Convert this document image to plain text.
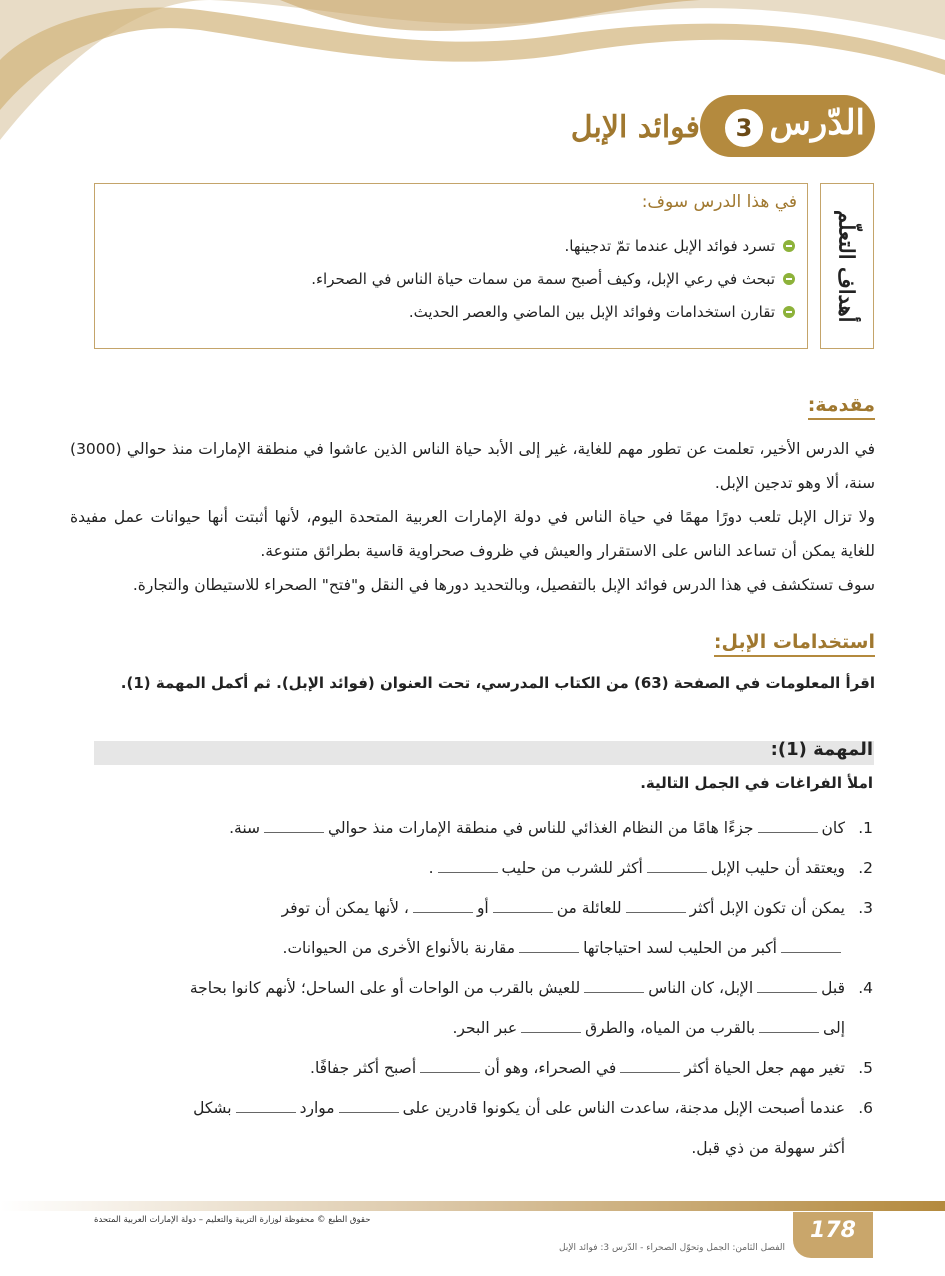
الدّرس
3
فوائد الإبل
أهداف التعلّم
في هذا الدرس سوف:
تسرد فوائد الإبل عندما تمّ تدجينها.
تبحث في رعي الإبل، وكيف أصبح سمة من سمات حياة الناس في الصحراء.
تقارن استخدامات وفوائد الإبل بين الماضي والعصر الحديث.
مقدمة:
في الدرس الأخير، تعلمت عن تطور مهم للغاية، غير إلى الأبد حياة الناس الذين عاشوا في منطقة الإمارات منذ حوالي (3000) سنة، ألا وهو تدجين الإبل.
ولا تزال الإبل تلعب دورًا مهمًا في حياة الناس في دولة الإمارات العربية المتحدة اليوم، لأنها أثبتت أنها حيوانات عمل مفيدة للغاية يمكن أن تساعد الناس على الاستقرار والعيش في ظروف صحراوية قاسية بطرائق متنوعة.
سوف تستكشف في هذا الدرس فوائد الإبل بالتفصيل، وبالتحديد دورها في النقل و"فتح" الصحراء للاستيطان والتجارة.
استخدامات الإبل:
اقرأ المعلومات في الصفحة (63) من الكتاب المدرسي، تحت العنوان (فوائد الإبل). ثم أكمل المهمة (1).
المهمة (1):
املأ الفراغات في الجمل التالية.
1.كانجزءًا هامًا من النظام الغذائي للناس في منطقة الإمارات منذ حواليسنة.
2.ويعتقد أن حليب الإبلأكثر للشرب من حليب.
3.يمكن أن تكون الإبل أكثرللعائلة منأو، لأنها يمكن أن توفر
أكبر من الحليب لسد احتياجاتهامقارنة بالأنواع الأخرى من الحيوانات.
4.قبلالإبل، كان الناسللعيش بالقرب من الواحات أو على الساحل؛ لأنهم كانوا بحاجة
إلىبالقرب من المياه، والطرقعبر البحر.
5.تغير مهم جعل الحياة أكثرفي الصحراء، وهو أنأصبح أكثر جفافًا.
6.عندما أصبحت الإبل مدجنة، ساعدت الناس على أن يكونوا قادرين علىمواردبشكل
أكثر سهولة من ذي قبل.
178
حقوق الطبع © محفوظة لوزارة التربية والتعليم – دولة الإمارات العربية المتحدة
الفصل الثامن: الجمل وتحوّل الصحراء - الدّرس 3: فوائد الإبل
